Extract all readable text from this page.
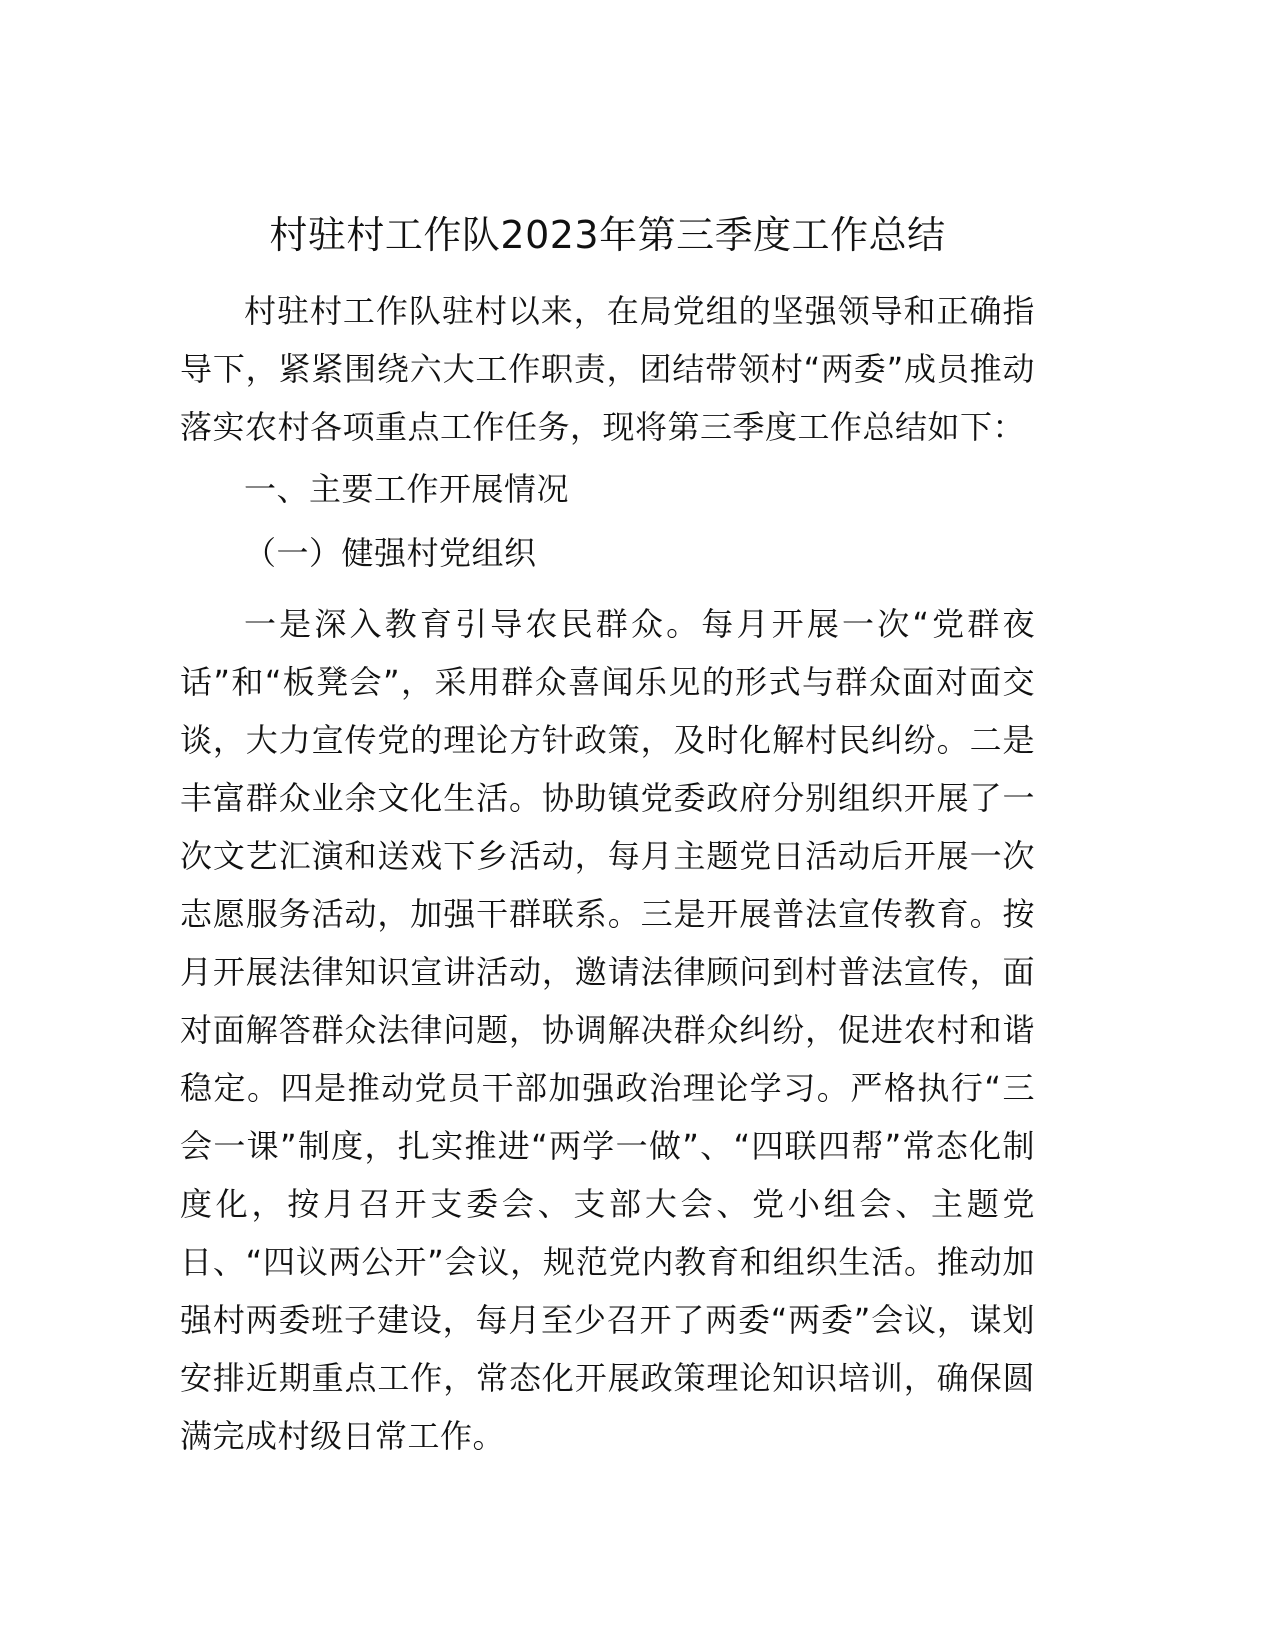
村驻村工作队2023年第三季度工作总结

村驻村工作队驻村以来，在局党组的坚强领导和正确指导下，紧紧围绕六大工作职责，团结带领村“两委”成员推动落实农村各项重点工作任务，现将第三季度工作总结如下：

一、主要工作开展情况

（一）健强村党组织

一是深入教育引导农民群众。每月开展一次“党群夜话”和“板凳会”，采用群众喜闻乐见的形式与群众面对面交谈，大力宣传党的理论方针政策，及时化解村民纠纷。二是丰富群众业余文化生活。协助镇党委政府分别组织开展了一次文艺汇演和送戏下乡活动，每月主题党日活动后开展一次志愿服务活动，加强干群联系。三是开展普法宣传教育。按月开展法律知识宣讲活动，邀请法律顾问到村普法宣传，面对面解答群众法律问题，协调解决群众纠纷，促进农村和谐稳定。四是推动党员干部加强政治理论学习。严格执行“三会一课”制度，扎实推进“两学一做”、“四联四帮”常态化制度化，按月召开支委会、支部大会、党小组会、主题党日、“四议两公开”会议，规范党内教育和组织生活。推动加强村两委班子建设，每月至少召开了两委“两委”会议，谋划安排近期重点工作，常态化开展政策理论知识培训，确保圆满完成村级日常工作。
